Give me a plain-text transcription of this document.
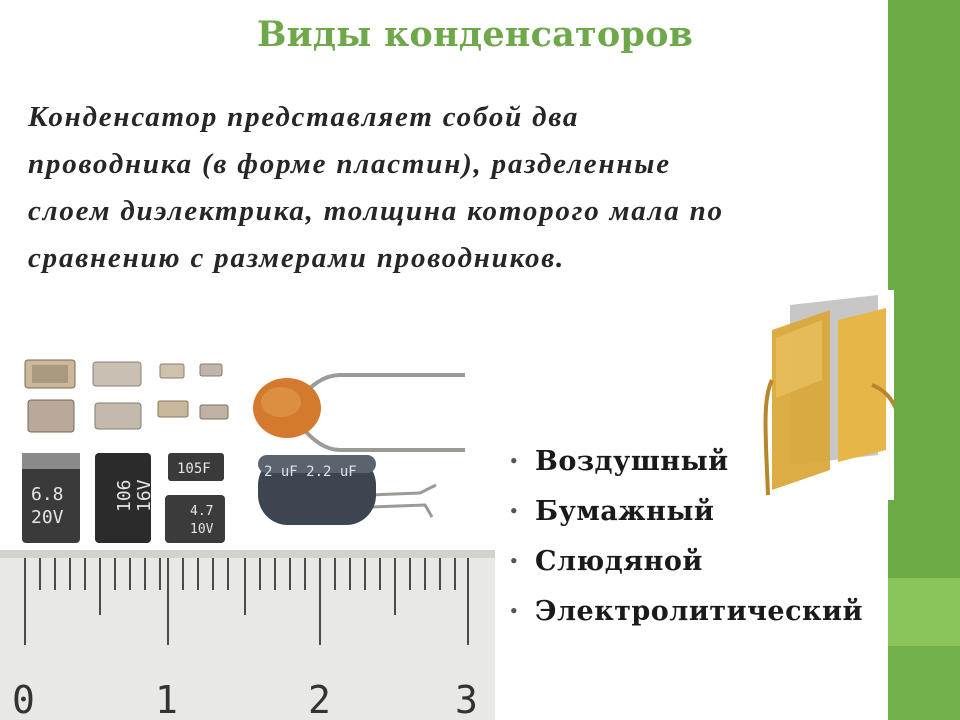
Виды конденсаторов
Конденсатор представляет собой два
проводника (в форме пластин), разделенные
слоем диэлектрика, толщина которого мала по
сравнению с размерами проводников.
0	1	2	3
6.8
20V
106 16V
105F
4.7
10V
2 uF 2.2 uF
• Воздушный
• Бумажный
• Слюдяной
• Электролитический
